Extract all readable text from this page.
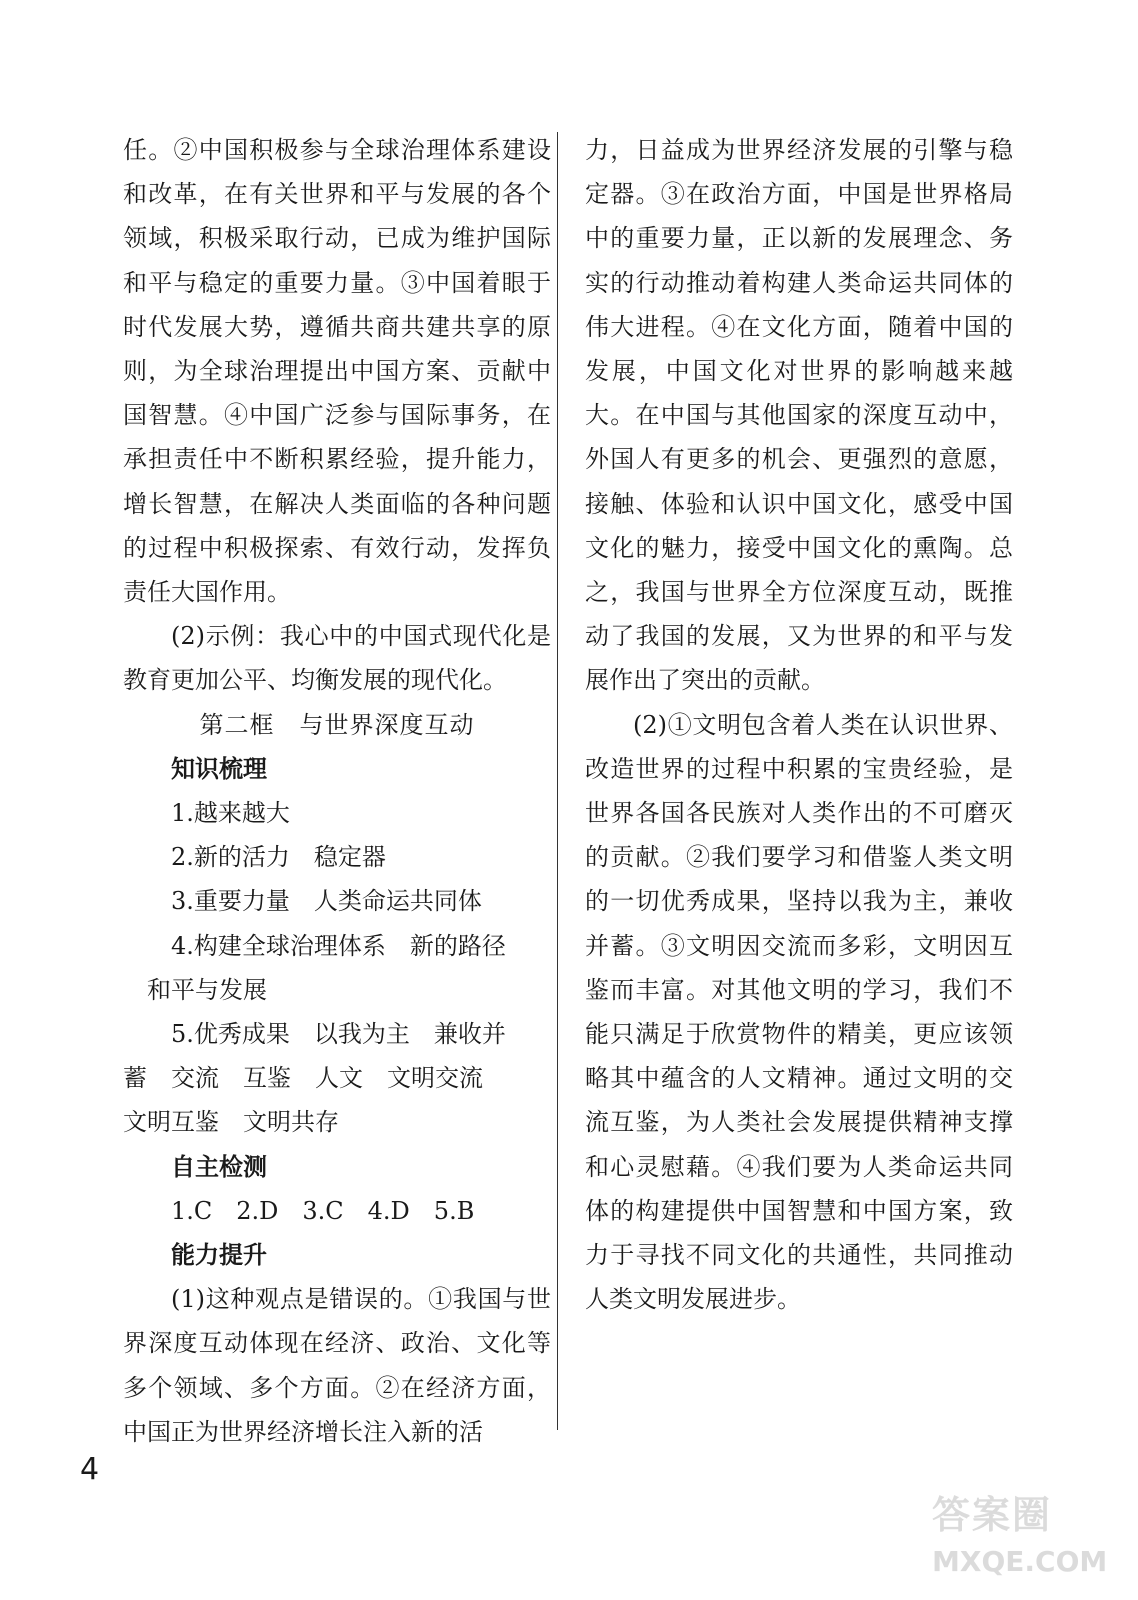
任。②中国积极参与全球治理体系建设和改革，在有关世界和平与发展的各个领域，积极采取行动，已成为维护国际和平与稳定的重要力量。③中国着眼于时代发展大势，遵循共商共建共享的原则，为全球治理提出中国方案、贡献中国智慧。④中国广泛参与国际事务，在承担责任中不断积累经验，提升能力，增长智慧，在解决人类面临的各种问题的过程中积极探索、有效行动，发挥负责任大国作用。

(2)示例：我心中的中国式现代化是教育更加公平、均衡发展的现代化。

第二框　与世界深度互动

知识梳理

1.越来越大

2.新的活力　稳定器

3.重要力量　人类命运共同体

4.构建全球治理体系　新的路径

和平与发展

5.优秀成果　以我为主　兼收并

蓄　交流　互鉴　人文　文明交流

文明互鉴　文明共存

自主检测

1.C　2.D　3.C　4.D　5.B

能力提升

(1)这种观点是错误的。①我国与世界深度互动体现在经济、政治、文化等多个领域、多个方面。②在经济方面，中国正为世界经济增长注入新的活

力，日益成为世界经济发展的引擎与稳定器。③在政治方面，中国是世界格局中的重要力量，正以新的发展理念、务实的行动推动着构建人类命运共同体的伟大进程。④在文化方面，随着中国的发展，中国文化对世界的影响越来越大。在中国与其他国家的深度互动中，外国人有更多的机会、更强烈的意愿，接触、体验和认识中国文化，感受中国文化的魅力，接受中国文化的熏陶。总之，我国与世界全方位深度互动，既推动了我国的发展，又为世界的和平与发展作出了突出的贡献。

(2)①文明包含着人类在认识世界、改造世界的过程中积累的宝贵经验，是世界各国各民族对人类作出的不可磨灭的贡献。②我们要学习和借鉴人类文明的一切优秀成果，坚持以我为主，兼收并蓄。③文明因交流而多彩，文明因互鉴而丰富。对其他文明的学习，我们不能只满足于欣赏物件的精美，更应该领略其中蕴含的人文精神。通过文明的交流互鉴，为人类社会发展提供精神支撑和心灵慰藉。④我们要为人类命运共同体的构建提供中国智慧和中国方案，致力于寻找不同文化的共通性，共同推动人类文明发展进步。

4
答案圈
MXQE.COM
